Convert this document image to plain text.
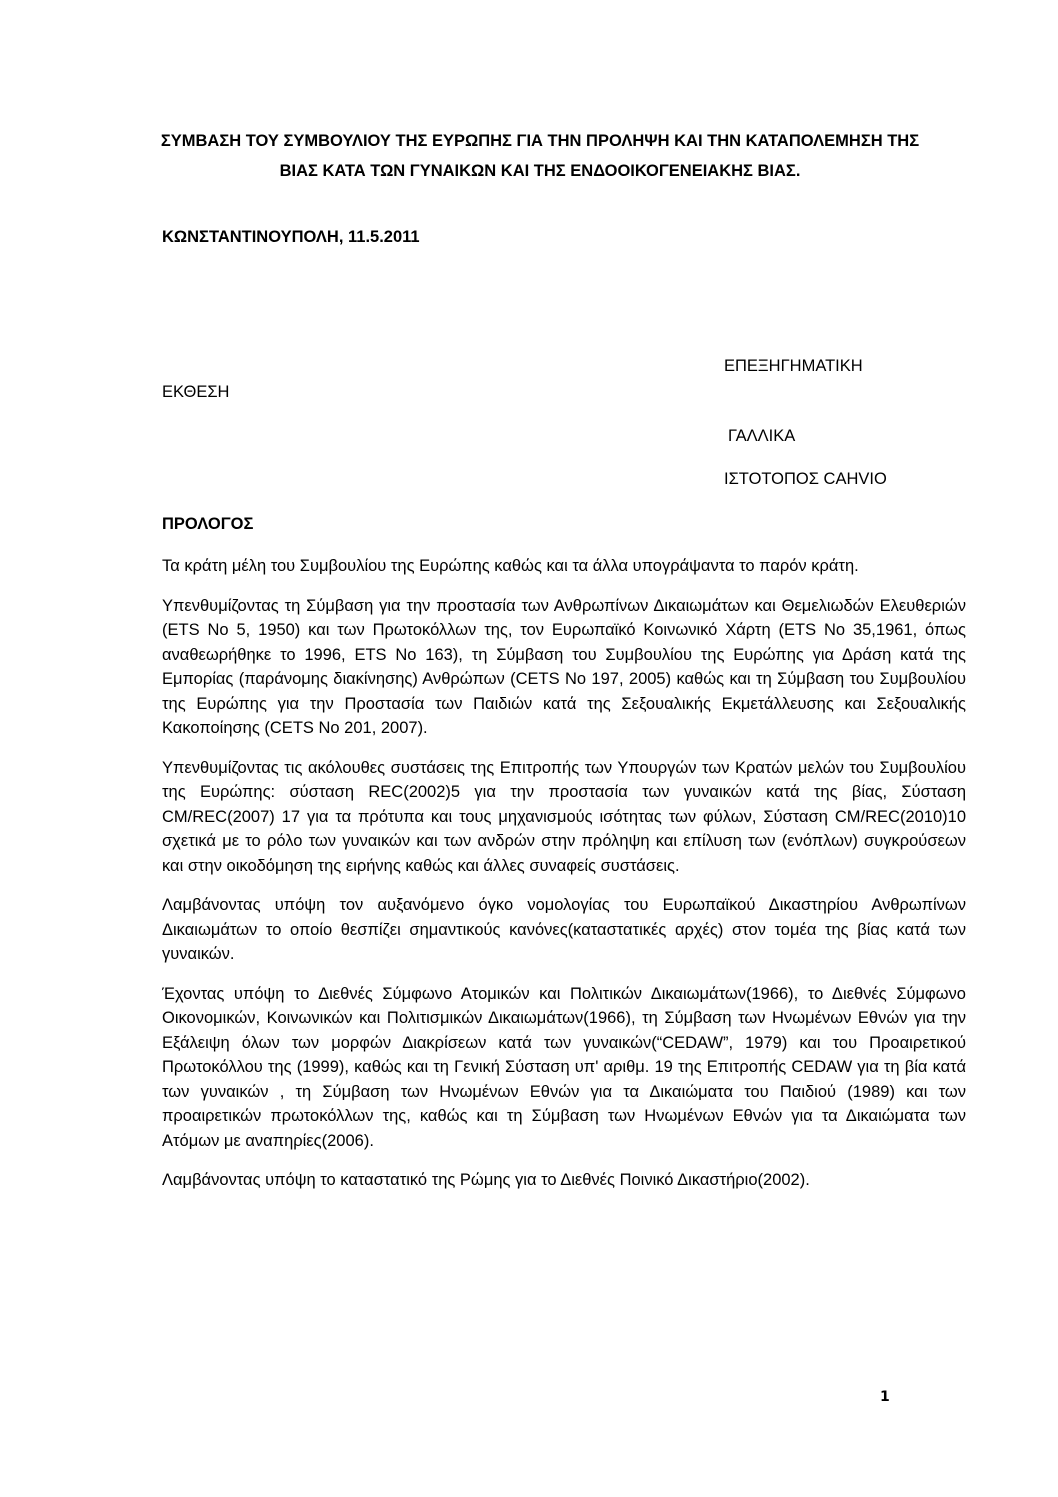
ΣΥΜΒΑΣΗ ΤΟΥ ΣΥΜΒΟΥΛΙΟΥ ΤΗΣ ΕΥΡΩΠΗΣ ΓΙΑ ΤΗΝ ΠΡΟΛΗΨΗ ΚΑΙ ΤΗΝ ΚΑΤΑΠΟΛΕΜΗΣΗ ΤΗΣ ΒΙΑΣ ΚΑΤΑ ΤΩΝ ΓΥΝΑΙΚΩΝ ΚΑΙ ΤΗΣ ΕΝΔΟΟΙΚΟΓΕΝΕΙΑΚΗΣ ΒΙΑΣ.

ΚΩΝΣΤΑΝΤΙΝΟΥΠΟΛΗ, 11.5.2011

ΕΠΕΞΗΓΗΜΑΤΙΚΗ

ΕΚΘΕΣΗ

ΓΑΛΛΙΚΑ

ΙΣΤΟΤΟΠΟΣ CAHVIO

ΠΡΟΛΟΓΟΣ

Τα κράτη μέλη του Συμβουλίου της Ευρώπης καθώς και τα άλλα υπογράψαντα το παρόν κράτη.

Υπενθυμίζοντας τη Σύμβαση για την προστασία των Ανθρωπίνων Δικαιωμάτων και Θεμελιωδών Ελευθεριών (ETS No 5, 1950) και των Πρωτοκόλλων της, τον Ευρωπαϊκό Κοινωνικό Χάρτη (ETS No 35,1961, όπως αναθεωρήθηκε το 1996, ETS No 163), τη Σύμβαση του Συμβουλίου της Ευρώπης για Δράση κατά της Εμπορίας (παράνομης διακίνησης) Ανθρώπων (CETS No 197, 2005) καθώς και τη Σύμβαση του Συμβουλίου της Ευρώπης για την Προστασία των Παιδιών κατά της Σεξουαλικής Εκμετάλλευσης και Σεξουαλικής Κακοποίησης (CETS No 201, 2007).

Υπενθυμίζοντας τις ακόλουθες συστάσεις της Επιτροπής των Υπουργών των Κρατών μελών του Συμβουλίου της Ευρώπης: σύσταση REC(2002)5 για την προστασία των γυναικών κατά της βίας, Σύσταση CM/REC(2007) 17 για τα πρότυπα και τους μηχανισμούς ισότητας των φύλων, Σύσταση CM/REC(2010)10 σχετικά με το ρόλο των γυναικών και των ανδρών στην πρόληψη και επίλυση των (ενόπλων) συγκρούσεων και στην οικοδόμηση της ειρήνης καθώς και άλλες συναφείς συστάσεις.

Λαμβάνοντας υπόψη τον αυξανόμενο όγκο νομολογίας του Ευρωπαϊκού Δικαστηρίου Ανθρωπίνων Δικαιωμάτων το οποίο θεσπίζει σημαντικούς κανόνες(καταστατικές αρχές) στον τομέα της βίας κατά των γυναικών.

Έχοντας υπόψη το Διεθνές Σύμφωνο Ατομικών και Πολιτικών Δικαιωμάτων(1966), το Διεθνές Σύμφωνο Οικονομικών, Κοινωνικών και Πολιτισμικών Δικαιωμάτων(1966), τη Σύμβαση των Ηνωμένων Εθνών για την Εξάλειψη όλων των μορφών Διακρίσεων κατά των γυναικών(“CEDAW”, 1979) και του Προαιρετικού Πρωτοκόλλου της (1999), καθώς και τη Γενική Σύσταση υπ' αριθμ. 19 της Επιτροπής CEDAW για τη βία κατά των γυναικών , τη Σύμβαση των Ηνωμένων Εθνών για τα Δικαιώματα του Παιδιού (1989) και των προαιρετικών πρωτοκόλλων της, καθώς και τη Σύμβαση των Ηνωμένων Εθνών για τα Δικαιώματα των Ατόμων με αναπηρίες(2006).

Λαμβάνοντας υπόψη το καταστατικό της Ρώμης για το Διεθνές Ποινικό Δικαστήριο(2002).

1
